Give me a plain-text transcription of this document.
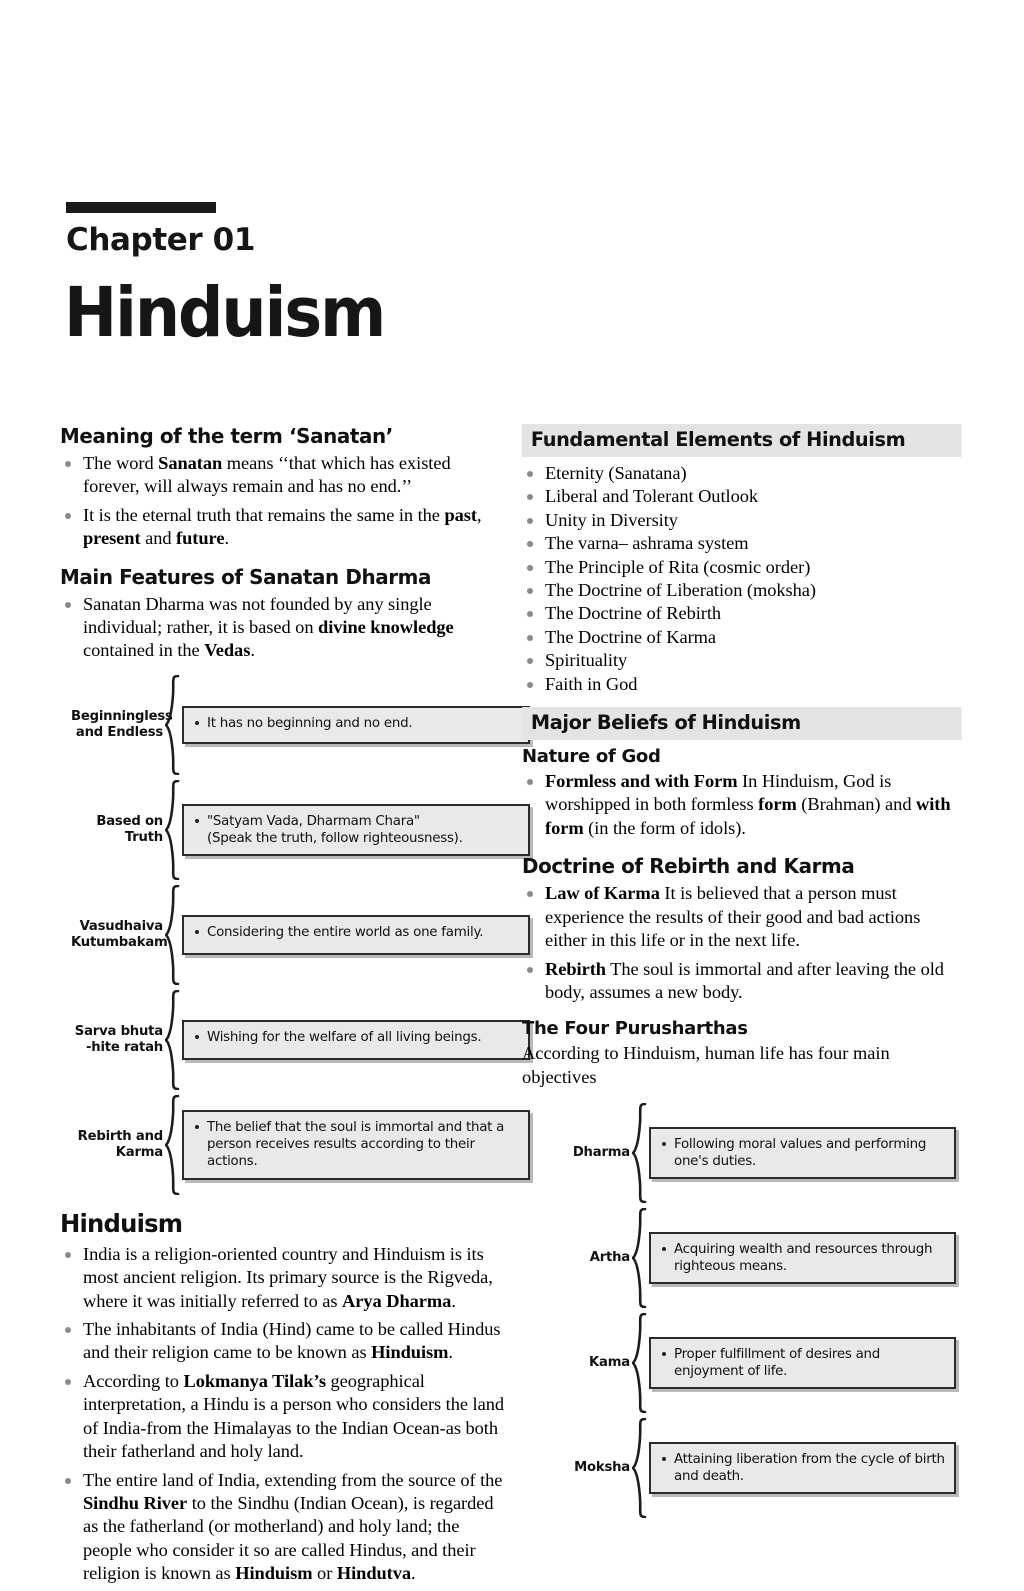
Chapter 01
Hinduism
Meaning of the term ‘Sanatan’
The word Sanatan means ‘‘that which has existed forever, will always remain and has no end.’’
It is the eternal truth that remains the same in the past, present and future.
Main Features of Sanatan Dharma
Sanatan Dharma was not founded by any single individual; rather, it is based on divine knowledge contained in the Vedas.
Beginningless
and Endless
It has no beginning and no end.
Based on
Truth
"Satyam Vada, Dharmam Chara"
(Speak the truth, follow righteousness).
Vasudhaiva
Kutumbakam
Considering the entire world as one family.
Sarva bhuta
-hite ratah
Wishing for the welfare of all living beings.
Rebirth and
Karma
The belief that the soul is immortal and that a person receives results according to their actions.
Hinduism
India is a religion-oriented country and Hinduism is its most ancient religion. Its primary source is the Rigveda, where it was initially referred to as Arya Dharma.
The inhabitants of India (Hind) came to be called Hindus and their religion came to be known as Hinduism.
According to Lokmanya Tilak’s geographical interpretation, a Hindu is a person who considers the land of India-from the Himalayas to the Indian Ocean-as both their fatherland and holy land.
The entire land of India, extending from the source of the Sindhu River to the Sindhu (Indian Ocean), is regarded as the fatherland (or motherland) and holy land; the people who consider it so are called Hindus, and their religion is known as Hinduism or Hindutva.
Fundamental Elements of Hinduism
Eternity (Sanatana)
Liberal and Tolerant Outlook
Unity in Diversity
The varna– ashrama system
The Principle of Rita (cosmic order)
The Doctrine of Liberation (moksha)
The Doctrine of Rebirth
The Doctrine of Karma
Spirituality
Faith in God
Major Beliefs of Hinduism
Nature of God
Formless and with Form In Hinduism, God is worshipped in both formless form (Brahman) and with form (in the form of idols).
Doctrine of Rebirth and Karma
Law of Karma It is believed that a person must experience the results of their good and bad actions either in this life or in the next life.
Rebirth The soul is immortal and after leaving the old body, assumes a new body.
The Four Purusharthas

According to Hinduism, human life has four main objectives

Dharma
Following moral values and performing one's duties.
Artha
Acquiring wealth and resources through righteous means.
Kama
Proper fulfillment of desires and enjoyment of life.
Moksha
Attaining liberation from the cycle of birth and death.
